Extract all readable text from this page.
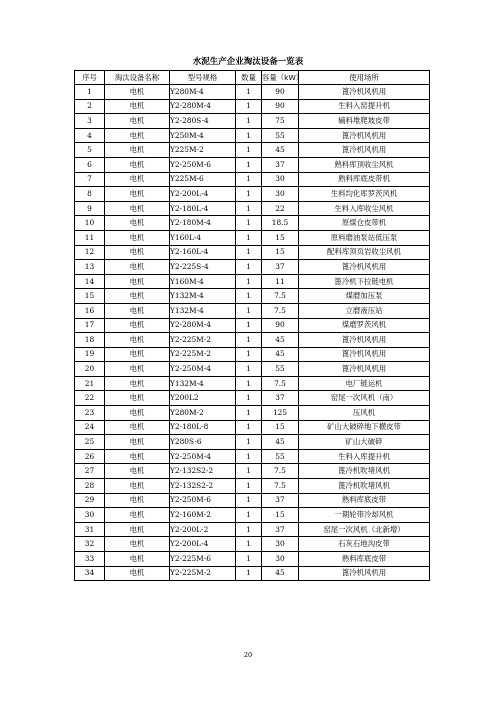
水泥生产企业淘汰设备一览表
序号	淘汰设备名称	型号规格	数量	容量（kW）	使用场所
1	电机	Y280M-4	1	90	篦冷机风机用
2	电机	Y2-280M-4	1	90	生料入窑提升机
3	电机	Y2-280S-4	1	75	辅料堆爬坡皮带
4	电机	Y250M-4	1	55	篦冷机风机用
5	电机	Y225M-2	1	45	篦冷机风机用
6	电机	Y2-250M-6	1	37	熟料库顶收尘风机
7	电机	Y225M-6	1	30	熟料库底皮带机
8	电机	Y2-200L-4	1	30	生料均化库罗茨风机
9	电机	Y2-180L-4	1	22	生料入库收尘风机
10	电机	Y2-180M-4	1	18.5	原煤仓皮带机
11	电机	Y160L-4	1	15	原料磨油泵站低压泵
12	电机	Y2-160L-4	1	15	配料库顶页岩收尘风机
13	电机	Y2-225S-4	1	37	篦冷机风机用
14	电机	Y160M-4	1	11	篦冷机下拉链电机
15	电机	Y132M-4	1	7.5	煤磨加压泵
16	电机	Y132M-4	1	7.5	立磨液压站
17	电机	Y2-280M-4	1	90	煤磨罗茨风机
18	电机	Y2-225M-2	1	45	篦冷机风机用
19	电机	Y2-225M-2	1	45	篦冷机风机用
20	电机	Y2-250M-4	1	55	篦冷机风机用
21	电机	Y132M-4	1	7.5	电厂链运机
22	电机	Y200L2	1	37	窑尾一次风机（南）
23	电机	Y280M-2	1	125	压风机
24	电机	Y2-180L-8	1	15	矿山大破碎地下横皮带
25	电机	Y280S-6	1	45	矿山大破碎
26	电机	Y2-250M-4	1	55	生料入库提升机
27	电机	Y2-132S2-2	1	7.5	篦冷机吹堵风机
28	电机	Y2-132S2-2	1	7.5	篦冷机吹堵风机
29	电机	Y2-250M-6	1	37	熟料库底皮带
30	电机	Y2-160M-2	1	15	一期轮带冷却风机
31	电机	Y2-200L-2	1	37	窑尾一次风机（北新增）
32	电机	Y2-200L-4	1	30	石灰石地沟皮带
33	电机	Y2-225M-6	1	30	熟料库底皮带
34	电机	Y2-225M-2	1	45	篦冷机风机用
20
